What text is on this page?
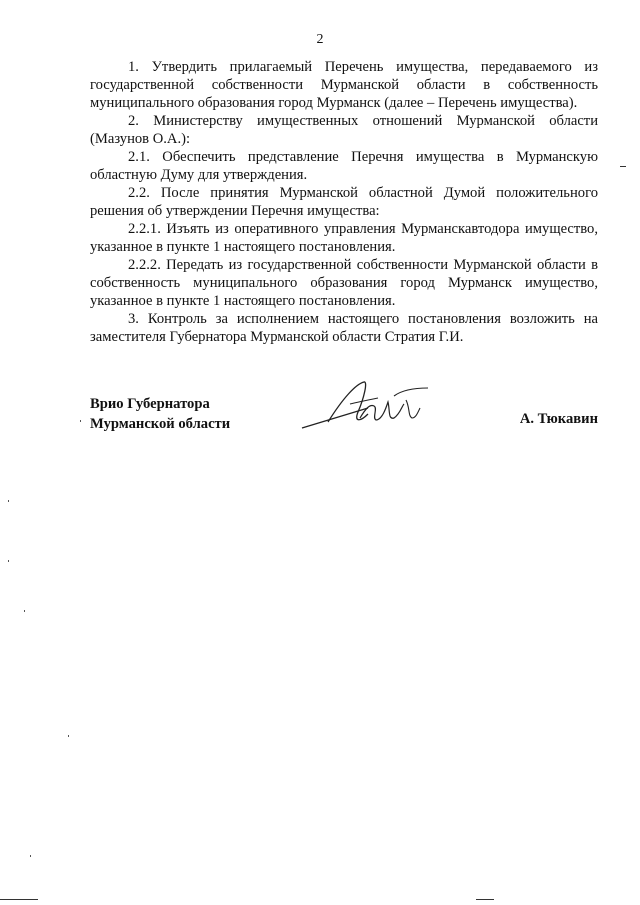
2

1. Утвердить прилагаемый Перечень имущества, передаваемого из государственной собственности Мурманской области в собственность муниципального образования город Мурманск (далее – Перечень имущества).

2. Министерству имущественных отношений Мурманской области (Мазунов О.А.):

2.1. Обеспечить представление Перечня имущества в Мурманскую областную Думу для утверждения.

2.2. После принятия Мурманской областной Думой положительного решения об утверждении Перечня имущества:

2.2.1. Изъять из оперативного управления Мурманскавтодора имущество, указанное в пункте 1 настоящего постановления.

2.2.2. Передать из государственной собственности Мурманской области в собственность муниципального образования город Мурманск имущество, указанное в пункте 1 настоящего постановления.

3. Контроль за исполнением настоящего постановления возложить на заместителя Губернатора Мурманской области Стратия Г.И.

Врио Губернатора
Мурманской области	А. Тюкавин
